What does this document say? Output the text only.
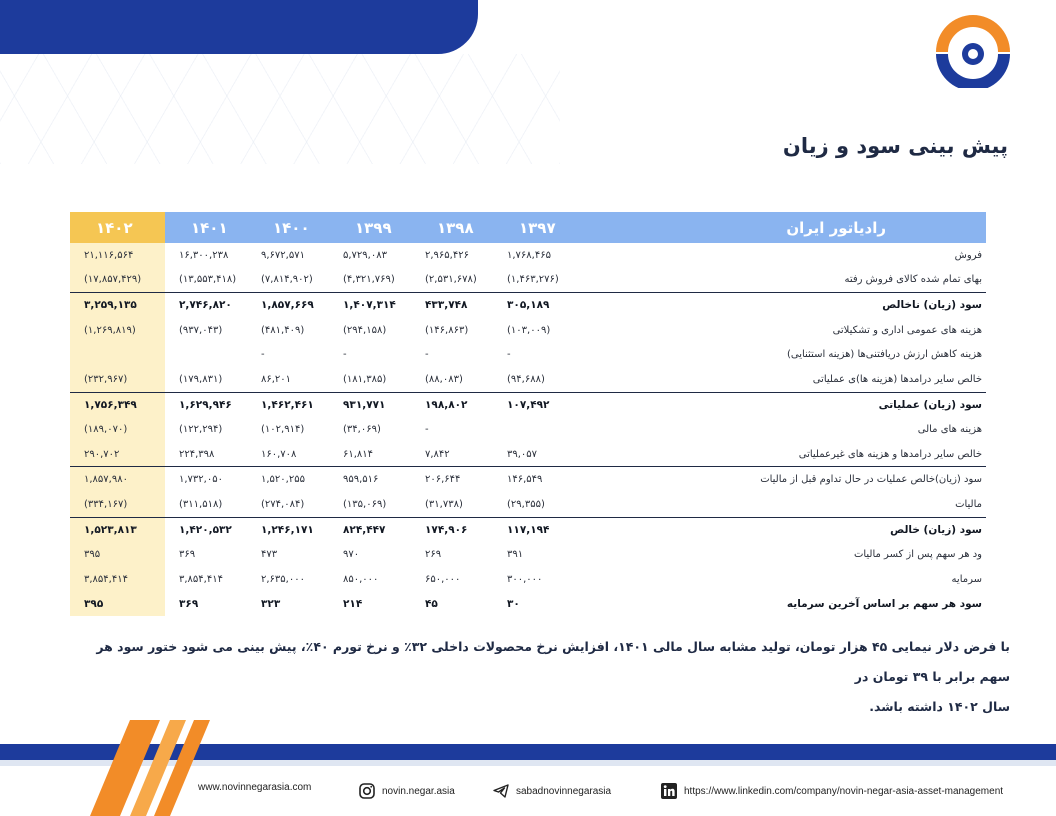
پیش بینی سود و زیان
رادیاتور ایران	۱۳۹۷	۱۳۹۸	۱۳۹۹	۱۴۰۰	۱۴۰۱	۱۴۰۲
فروش	۱,۷۶۸,۴۶۵	۲,۹۶۵,۴۲۶	۵,۷۲۹,۰۸۳	۹,۶۷۲,۵۷۱	۱۶,۳۰۰,۲۳۸	۲۱,۱۱۶,۵۶۴
بهای تمام شده کالای فروش رفته	(۱,۴۶۳,۲۷۶)	(۲,۵۳۱,۶۷۸)	(۴,۳۲۱,۷۶۹)	(۷,۸۱۴,۹۰۲)	(۱۳,۵۵۳,۴۱۸)	(۱۷,۸۵۷,۴۲۹)
سود (زیان) ناخالص	۳۰۵,۱۸۹	۴۳۳,۷۴۸	۱,۴۰۷,۳۱۴	۱,۸۵۷,۶۶۹	۲,۷۴۶,۸۲۰	۳,۲۵۹,۱۳۵
هزینه های عمومی اداری و تشکیلاتی	(۱۰۳,۰۰۹)	(۱۴۶,۸۶۳)	(۲۹۴,۱۵۸)	(۴۸۱,۴۰۹)	(۹۳۷,۰۴۳)	(۱,۲۶۹,۸۱۹)
هزینه کاهش ارزش دریافتنی‌ها (هزینه استثنایی)	-	-	-	-		
خالص سایر درامدها (هزینه ها)ی عملیاتی	(۹۴,۶۸۸)	(۸۸,۰۸۳)	(۱۸۱,۳۸۵)	۸۶,۲۰۱	(۱۷۹,۸۳۱)	(۲۳۲,۹۶۷)
سود (زیان) عملیاتی	۱۰۷,۴۹۲	۱۹۸,۸۰۲	۹۳۱,۷۷۱	۱,۴۶۲,۴۶۱	۱,۶۲۹,۹۴۶	۱,۷۵۶,۳۴۹
هزینه های مالی		-	(۳۴,۰۶۹)	(۱۰۲,۹۱۴)	(۱۲۲,۲۹۴)	(۱۸۹,۰۷۰)
خالص سایر درامدها و هزینه های غیرعملیاتی	۳۹,۰۵۷	۷,۸۴۲	۶۱,۸۱۴	۱۶۰,۷۰۸	۲۲۴,۳۹۸	۲۹۰,۷۰۲
سود (زیان)خالص عملیات در حال تداوم قبل از مالیات	۱۴۶,۵۴۹	۲۰۶,۶۴۴	۹۵۹,۵۱۶	۱,۵۲۰,۲۵۵	۱,۷۳۲,۰۵۰	۱,۸۵۷,۹۸۰
مالیات	(۲۹,۳۵۵)	(۳۱,۷۳۸)	(۱۳۵,۰۶۹)	(۲۷۴,۰۸۴)	(۳۱۱,۵۱۸)	(۳۳۴,۱۶۷)
سود (زیان) خالص	۱۱۷,۱۹۴	۱۷۴,۹۰۶	۸۲۴,۴۴۷	۱,۲۴۶,۱۷۱	۱,۴۲۰,۵۳۲	۱,۵۲۳,۸۱۳
ود هر سهم پس از کسر مالیات	۳۹۱	۲۶۹	۹۷۰	۴۷۳	۳۶۹	۳۹۵
سرمایه	۳۰۰,۰۰۰	۶۵۰,۰۰۰	۸۵۰,۰۰۰	۲,۶۳۵,۰۰۰	۳,۸۵۴,۴۱۴	۳,۸۵۴,۴۱۴
سود هر سهم بر اساس آخرین سرمایه	۳۰	۴۵	۲۱۴	۳۲۳	۳۶۹	۳۹۵
با فرض دلار نیمایی ۴۵ هزار تومان، تولید مشابه سال مالی ۱۴۰۱، افزایش نرخ محصولات داخلی ۳۲٪ و نرخ تورم ۴۰٪، پیش بینی می شود ختور سود هر سهم برابر با ۳۹ تومان در
سال ۱۴۰۲ داشته باشد.
www.novinnegarasia.com	novin.negar.asia	sabadnovinnegarasia	https://www.linkedin.com/company/novin-negar-asia-asset-management
